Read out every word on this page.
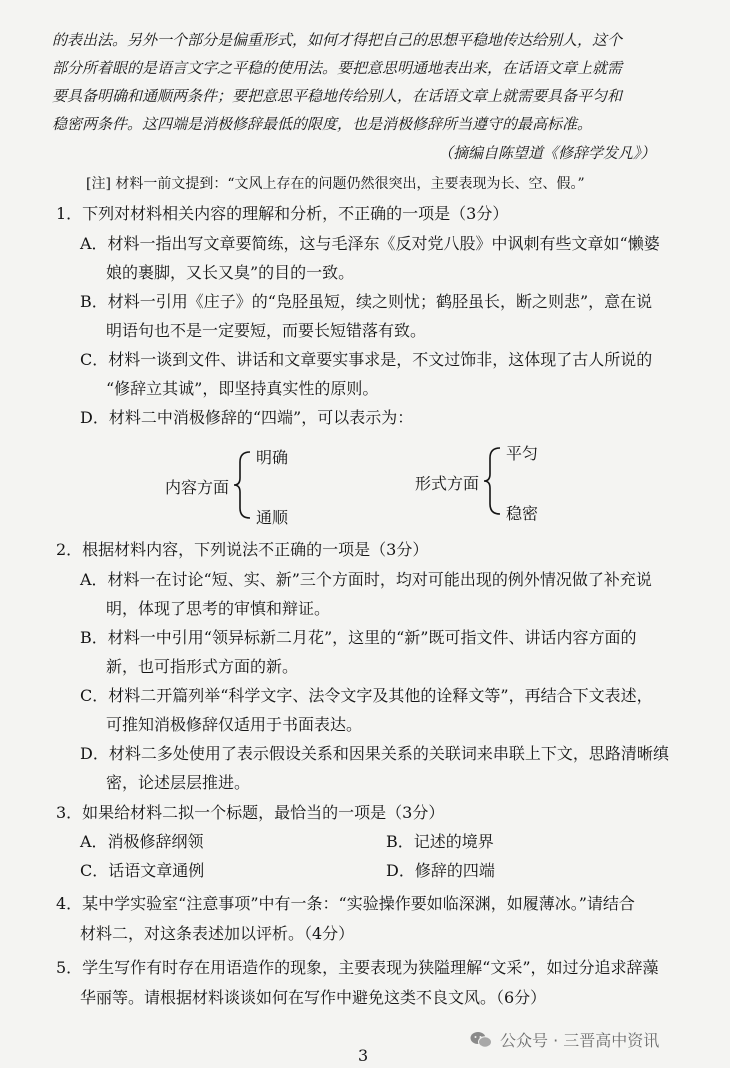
的表出法。另外一个部分是偏重形式，如何才得把自己的思想平稳地传达给别人，这个
部分所着眼的是语言文字之平稳的使用法。要把意思明通地表出来，在话语文章上就需
要具备明确和通顺两条件；要把意思平稳地传给别人，在话语文章上就需要具备平匀和
稳密两条件。这四端是消极修辞最低的限度，也是消极修辞所当遵守的最高标准。
（摘编自陈望道《修辞学发凡》）
[注] 材料一前文提到：“文风上存在的问题仍然很突出，主要表现为长、空、假。”
1．下列对材料相关内容的理解和分析，不正确的一项是（3分）
A．材料一指出写文章要简练，这与毛泽东《反对党八股》中讽刺有些文章如“懒婆
娘的裹脚，又长又臭”的目的一致。
B．材料一引用《庄子》的“凫胫虽短，续之则忧；鹤胫虽长，断之则悲”，意在说
明语句也不是一定要短，而要长短错落有致。
C．材料一谈到文件、讲话和文章要实事求是，不文过饰非，这体现了古人所说的
“修辞立其诚”，即坚持真实性的原则。
D．材料二中消极修辞的“四端”，可以表示为：
内容方面
明确
通顺
形式方面
平匀
稳密
2．根据材料内容，下列说法不正确的一项是（3分）
A．材料一在讨论“短、实、新”三个方面时，均对可能出现的例外情况做了补充说
明，体现了思考的审慎和辩证。
B．材料一中引用“领异标新二月花”，这里的“新”既可指文件、讲话内容方面的
新，也可指形式方面的新。
C．材料二开篇列举“科学文字、法令文字及其他的诠释文等”，再结合下文表述，
可推知消极修辞仅适用于书面表达。
D．材料二多处使用了表示假设关系和因果关系的关联词来串联上下文，思路清晰缜
密，论述层层推进。
3．如果给材料二拟一个标题，最恰当的一项是（3分）
A．消极修辞纲领	B．记述的境界
C．话语文章通例	D．修辞的四端
4．某中学实验室“注意事项”中有一条：“实验操作要如临深渊，如履薄冰。”请结合
材料二，对这条表述加以评析。（4分）
5．学生写作有时存在用语造作的现象，主要表现为狭隘理解“文采”，如过分追求辞藻
华丽等。请根据材料谈谈如何在写作中避免这类不良文风。（6分）
公众号 · 三晋高中资讯
3
